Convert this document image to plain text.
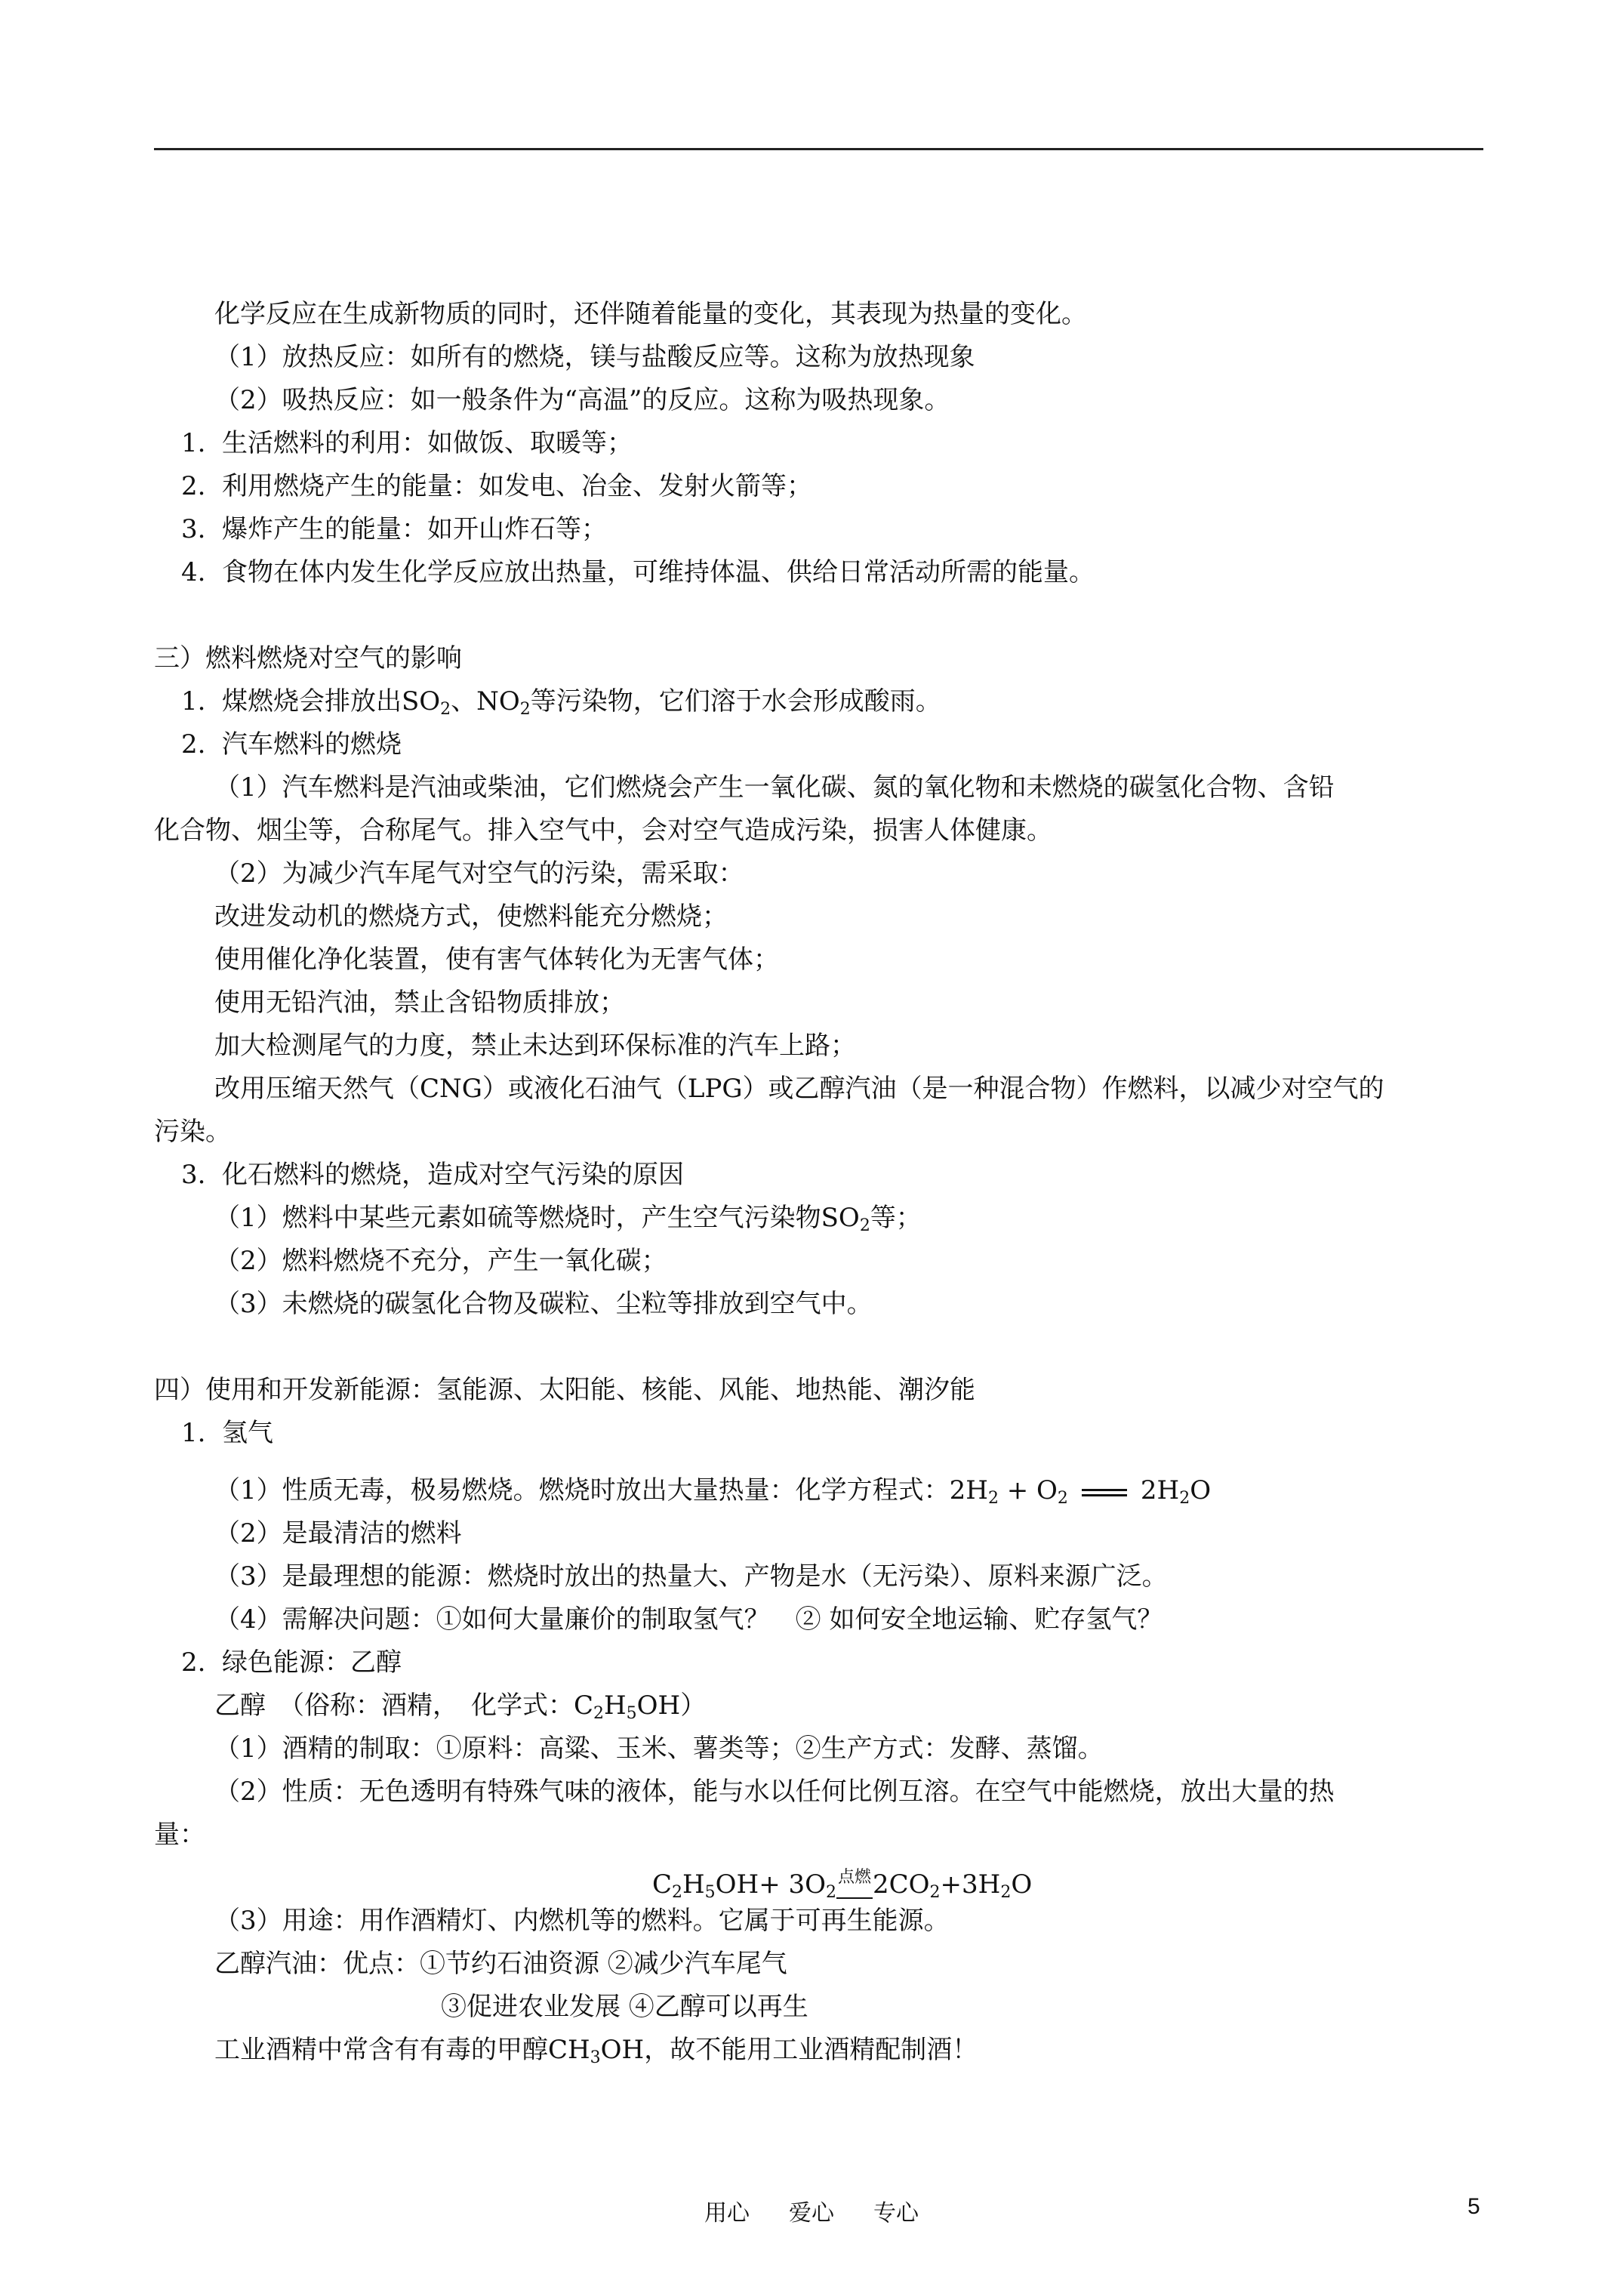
化学反应在生成新物质的同时，还伴随着能量的变化，其表现为热量的变化。
（1）放热反应：如所有的燃烧，镁与盐酸反应等。这称为放热现象
（2）吸热反应：如一般条件为“高温”的反应。这称为吸热现象。
1. 生活燃料的利用：如做饭、取暖等；
2. 利用燃烧产生的能量：如发电、冶金、发射火箭等；
3. 爆炸产生的能量：如开山炸石等；
4. 食物在体内发生化学反应放出热量，可维持体温、供给日常活动所需的能量。
三）燃料燃烧对空气的影响
1. 煤燃烧会排放出$SO_2$、$NO_2$等污染物，它们溶于水会形成酸雨。
2. 汽车燃料的燃烧
（1）汽车燃料是汽油或柴油，它们燃烧会产生一氧化碳、氮的氧化物和未燃烧的碳氢化合物、含铅
化合物、烟尘等，合称尾气。排入空气中，会对空气造成污染，损害人体健康。
（2）为减少汽车尾气对空气的污染，需采取：
改进发动机的燃烧方式，使燃料能充分燃烧；
使用催化净化装置，使有害气体转化为无害气体；
使用无铅汽油，禁止含铅物质排放；
加大检测尾气的力度，禁止未达到环保标准的汽车上路；
改用压缩天然气（CNG）或液化石油气（LPG）或乙醇汽油（是一种混合物）作燃料，以减少对空气的
污染。
3. 化石燃料的燃烧，造成对空气污染的原因
（1）燃料中某些元素如硫等燃烧时，产生空气污染物$SO_2$等；
（2）燃料燃烧不充分，产生一氧化碳；
（3）未燃烧的碳氢化合物及碳粒、尘粒等排放到空气中。
四）使用和开发新能源：氢能源、太阳能、核能、风能、地热能、潮汐能
1. 氢气
（1）性质无毒，极易燃烧。燃烧时放出大量热量：化学方程式：$2H_2 + O_2$	$2H_2O$
（2）是最清洁的燃料
（3）是最理想的能源：燃烧时放出的热量大、产物是水（无污染）、原料来源广泛。
（4）需解决问题：①如何大量廉价的制取氢气？　② 如何安全地运输、贮存氢气？
2. 绿色能源：乙醇
乙醇　（俗称：酒精，　化学式：$C_2H_5OH$）
（1）酒精的制取：①原料：高粱、玉米、薯类等；②生产方式：发酵、蒸馏。
（2）性质：无色透明有特殊气味的液体，能与水以任何比例互溶。在空气中能燃烧，放出大量的热
量：
$C_2H_5OH+ 3O_2$点燃$2CO_2+3H_2O$
（3）用途：用作酒精灯、内燃机等的燃料。它属于可再生能源。
乙醇汽油：优点：①节约石油资源 ②减少汽车尾气
③促进农业发展 ④乙醇可以再生
工业酒精中常含有有毒的甲醇$CH_3OH$，故不能用工业酒精配制酒！
用心 爱心 专心	5
